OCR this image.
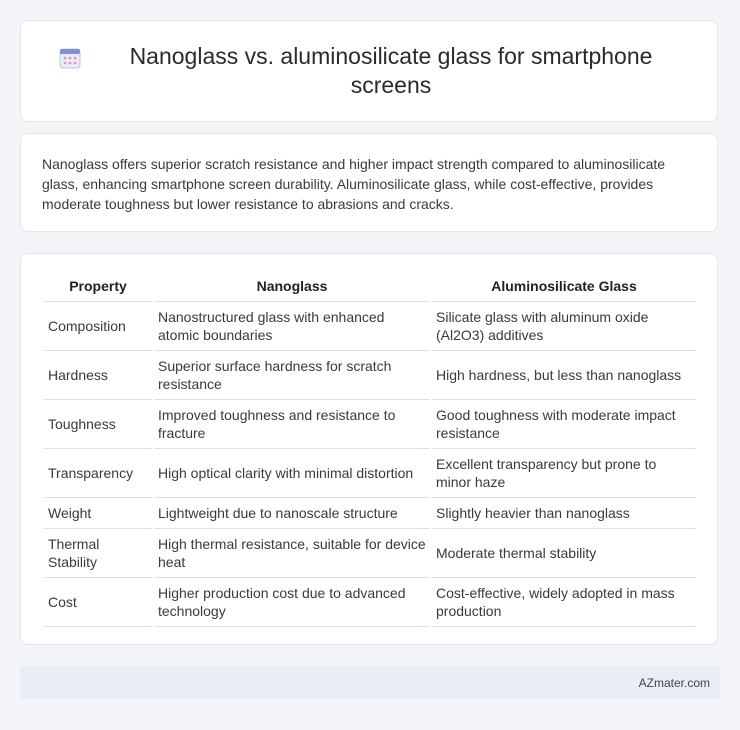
Nanoglass vs. aluminosilicate glass for smartphone screens

Nanoglass offers superior scratch resistance and higher impact strength compared to aluminosilicate glass, enhancing smartphone screen durability. Aluminosilicate glass, while cost-effective, provides moderate toughness but lower resistance to abrasions and cracks.

Property	Nanoglass	Aluminosilicate Glass
Composition	Nanostructured glass with enhanced atomic boundaries	Silicate glass with aluminum oxide (Al2O3) additives
Hardness	Superior surface hardness for scratch resistance	High hardness, but less than nanoglass
Toughness	Improved toughness and resistance to fracture	Good toughness with moderate impact resistance
Transparency	High optical clarity with minimal distortion	Excellent transparency but prone to minor haze
Weight	Lightweight due to nanoscale structure	Slightly heavier than nanoglass
Thermal Stability	High thermal resistance, suitable for device heat	Moderate thermal stability
Cost	Higher production cost due to advanced technology	Cost-effective, widely adopted in mass production
AZmater.com
